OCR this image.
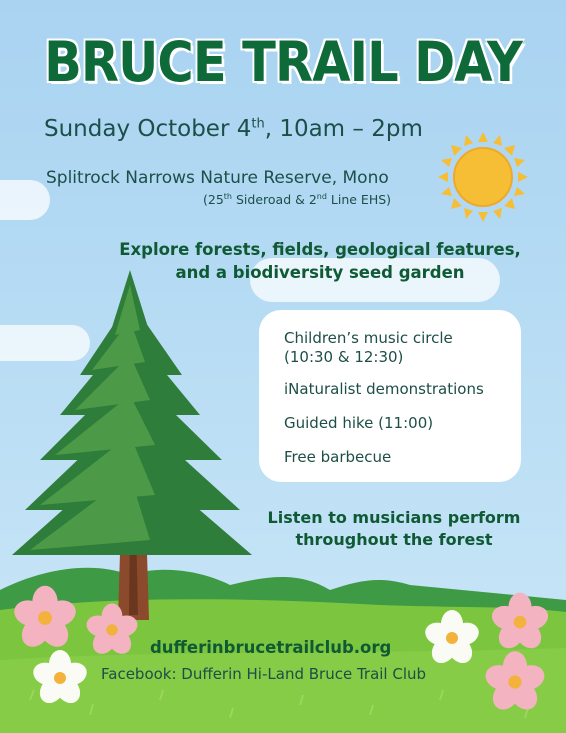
BRUCE TRAIL DAY
Sunday October 4th, 10am – 2pm
Splitrock Narrows Nature Reserve, Mono
(25th Sideroad & 2nd Line EHS)
Explore forests, fields, geological features,
and a biodiversity seed garden
Children’s music circle
(10:30 & 12:30)
iNaturalist demonstrations
Guided hike (11:00)
Free barbecue
Listen to musicians perform
throughout the forest
dufferinbrucetrailclub.org
Facebook: Dufferin Hi-Land Bruce Trail Club
